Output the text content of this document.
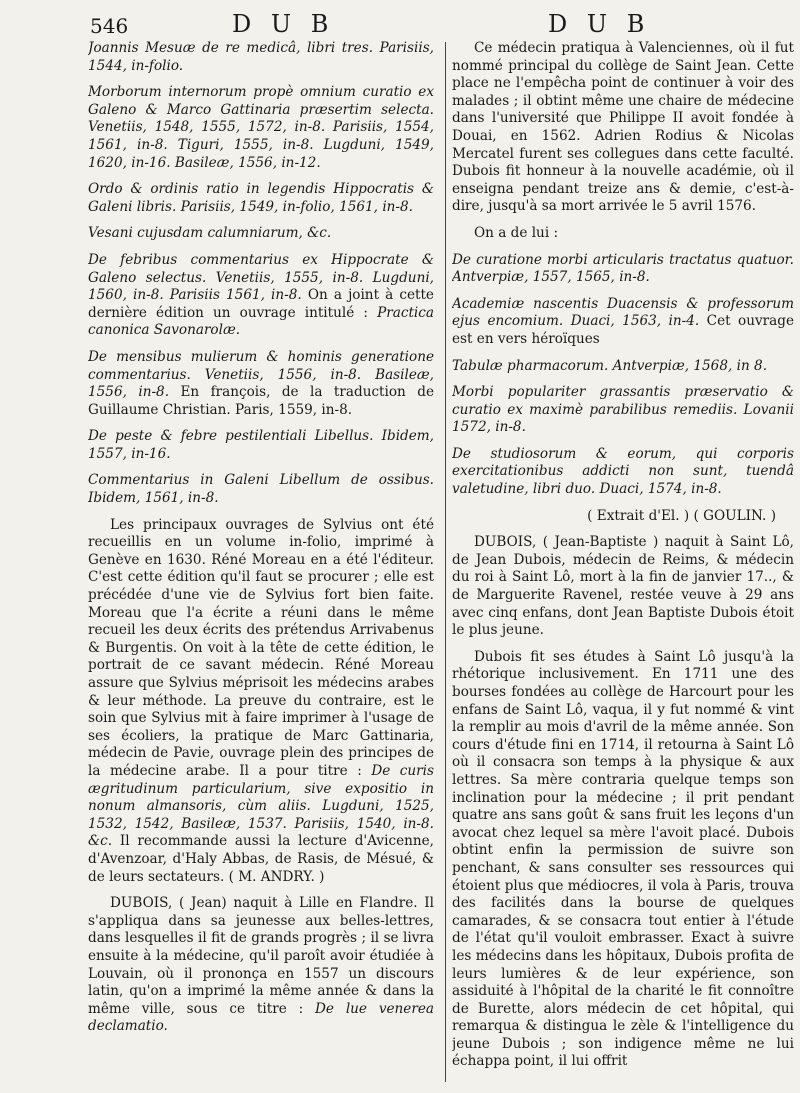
546	D U B	D U B

Joannis Mesuæ de re medicâ, libri tres. Parisiis, 1544, in-folio.

Morborum internorum propè omnium curatio ex Galeno & Marco Gattinaria præsertim selecta. Venetiis, 1548, 1555, 1572, in-8. Parisiis, 1554, 1561, in-8. Tiguri, 1555, in-8. Lugduni, 1549, 1620, in-16. Basileæ, 1556, in-12.

Ordo & ordinis ratio in legendis Hippocratis & Galeni libris. Parisiis, 1549, in-folio, 1561, in-8.

Vesani cujusdam calumniarum, &c.

De febribus commentarius ex Hippocrate & Galeno selectus. Venetiis, 1555, in-8. Lugduni, 1560, in-8. Parisiis 1561, in-8. On a joint à cette dernière édition un ouvrage intitulé : Practica canonica Savonarolæ.

De mensibus mulierum & hominis generatione commentarius. Venetiis, 1556, in-8. Basileæ, 1556, in-8. En françois, de la traduction de Guillaume Christian. Paris, 1559, in-8.

De peste & febre pestilentiali Libellus. Ibidem, 1557, in-16.

Commentarius in Galeni Libellum de ossibus. Ibidem, 1561, in-8.

Les principaux ouvrages de Sylvius ont été recueillis en un volume in-folio, imprimé à Genève en 1630. Réné Moreau en a été l'éditeur. C'est cette édition qu'il faut se procurer ; elle est précédée d'une vie de Sylvius fort bien faite. Moreau que l'a écrite a réuni dans le même recueil les deux écrits des prétendus Arrivabenus & Burgentis. On voit à la tête de cette édition, le portrait de ce savant médecin. Réné Moreau assure que Sylvius méprisoit les médecins arabes & leur méthode. La preuve du contraire, est le soin que Sylvius mit à faire imprimer à l'usage de ses écoliers, la pratique de Marc Gattinaria, médecin de Pavie, ouvrage plein des principes de la médecine arabe. Il a pour titre : De curis ægritudinum particularium, sive expositio in nonum almansoris, cùm aliis. Lugduni, 1525, 1532, 1542, Basileæ, 1537. Parisiis, 1540, in-8. &c. Il recommande aussi la lecture d'Avicenne, d'Avenzoar, d'Haly Abbas, de Rasis, de Mésué, & de leurs sectateurs. ( M. ANDRY. )

DUBOIS, ( Jean) naquit à Lille en Flandre. Il s'appliqua dans sa jeunesse aux belles-lettres, dans lesquelles il fit de grands progrès ; il se livra ensuite à la médecine, qu'il paroît avoir étudiée à Louvain, où il prononça en 1557 un discours latin, qu'on a imprimé la même année & dans la même ville, sous ce titre : De lue venerea declamatio.

Ce médecin pratiqua à Valenciennes, où il fut nommé principal du collège de Saint Jean. Cette place ne l'empêcha point de continuer à voir des malades ; il obtint même une chaire de médecine dans l'université que Philippe II avoit fondée à Douai, en 1562. Adrien Rodius & Nicolas Mercatel furent ses collegues dans cette faculté. Dubois fit honneur à la nouvelle académie, où il enseigna pendant treize ans & demie, c'est-à-dire, jusqu'à sa mort arrivée le 5 avril 1576.

On a de lui :

De curatione morbi articularis tractatus quatuor. Antverpiæ, 1557, 1565, in-8.

Academiæ nascentis Duacensis & professorum ejus encomium. Duaci, 1563, in-4. Cet ouvrage est en vers héroïques

Tabulæ pharmacorum. Antverpiæ, 1568, in 8.

Morbi populariter grassantis præservatio & curatio ex maximè parabilibus remediis. Lovanii 1572, in-8.

De studiosorum & eorum, qui corporis exercitationibus addicti non sunt, tuendâ valetudine, libri duo. Duaci, 1574, in-8.

( Extrait d'El. ) ( GOULIN. )

DUBOIS, ( Jean-Baptiste ) naquit à Saint Lô, de Jean Dubois, médecin de Reims, & médecin du roi à Saint Lô, mort à la fin de janvier 17.., & de Marguerite Ravenel, restée veuve à 29 ans avec cinq enfans, dont Jean Baptiste Dubois étoit le plus jeune.

Dubois fit ses études à Saint Lô jusqu'à la rhétorique inclusivement. En 1711 une des bourses fondées au collège de Harcourt pour les enfans de Saint Lô, vaqua, il y fut nommé & vint la remplir au mois d'avril de la même année. Son cours d'étude fini en 1714, il retourna à Saint Lô où il consacra son temps à la physique & aux lettres. Sa mère contraria quelque temps son inclination pour la médecine ; il prit pendant quatre ans sans goût & sans fruit les leçons d'un avocat chez lequel sa mère l'avoit placé. Dubois obtint enfin la permission de suivre son penchant, & sans consulter ses ressources qui étoient plus que médiocres, il vola à Paris, trouva des facilités dans la bourse de quelques camarades, & se consacra tout entier à l'étude de l'état qu'il vouloit embrasser. Exact à suivre les médecins dans les hôpitaux, Dubois profita de leurs lumières & de leur expérience, son assiduité à l'hôpital de la charité le fit connoître de Burette, alors médecin de cet hôpital, qui remarqua & distingua le zèle & l'intelligence du jeune Dubois ; son indigence même ne lui échappa point, il lui offrit
